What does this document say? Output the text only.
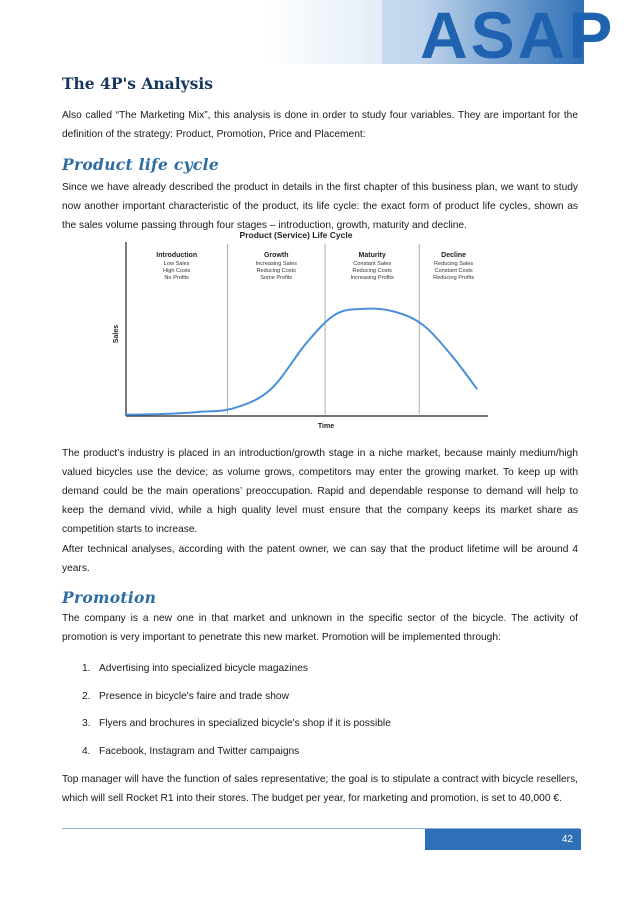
ASAP
The 4P's Analysis

Also called “The Marketing Mix”, this analysis is done in order to study four variables. They are important for the definition of the strategy: Product, Promotion, Price and Placement:

Product life cycle

Since we have already described the product in details in the first chapter of this business plan, we want to study now another important characteristic of the product, its life cycle: the exact form of product life cycles, shown as the sales volume passing through four stages – introduction, growth, maturity and decline.

Product (Service) Life Cycle
Introduction
Low Sales
High Costs
No Profits
Growth
Increasing Sales
Reducing Costs
Some Profits
Maturity
Constant Sales
Reducing Costs
Increasing Profits
Decline
Reducing Sales
Constant Costs
Reducing Profits
Sales
Time

The product's industry is placed in an introduction/growth stage in a niche market, because mainly medium/high valued bicycles use the device; as volume grows, competitors may enter the growing market. To keep up with demand could be the main operations’ preoccupation. Rapid and dependable response to demand will help to keep the demand vivid, while a high quality level must ensure that the company keeps its market share as competition starts to increase.

After technical analyses, according with the patent owner, we can say that the product lifetime will be around 4 years.

Promotion

The company is a new one in that market and unknown in the specific sector of the bicycle. The activity of promotion is very important to penetrate this new market. Promotion will be implemented through:

1. Advertising into specialized bicycle magazines
2. Presence in bicycle's faire and trade show
3. Flyers and brochures in specialized bicycle's shop if it is possible
4. Facebook, Instagram and Twitter campaigns

Top manager will have the function of sales representative; the goal is to stipulate a contract with bicycle resellers, which will sell Rocket R1 into their stores. The budget per year, for marketing and promotion, is set to 40,000 €.

42
